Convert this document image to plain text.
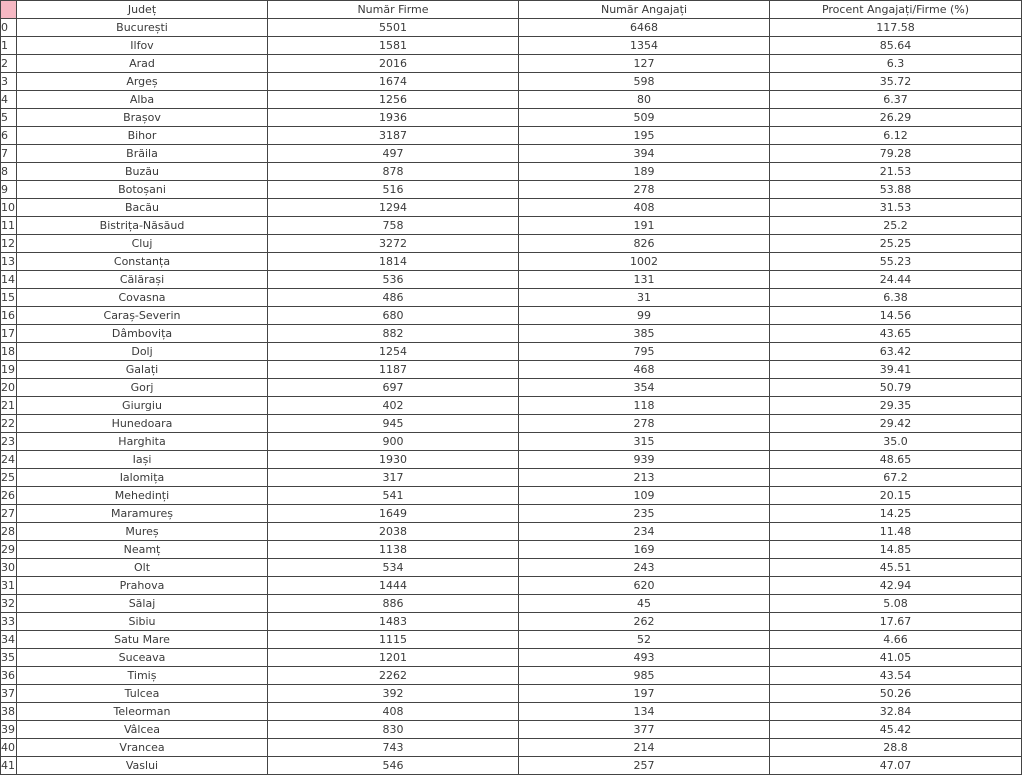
	Județ	Număr Firme	Număr Angajați	Procent Angajați/Firme (%)
0	București	5501	6468	117.58
1	Ilfov	1581	1354	85.64
2	Arad	2016	127	6.3
3	Argeș	1674	598	35.72
4	Alba	1256	80	6.37
5	Brașov	1936	509	26.29
6	Bihor	3187	195	6.12
7	Brăila	497	394	79.28
8	Buzău	878	189	21.53
9	Botoșani	516	278	53.88
10	Bacău	1294	408	31.53
11	Bistrița-Năsăud	758	191	25.2
12	Cluj	3272	826	25.25
13	Constanța	1814	1002	55.23
14	Călărași	536	131	24.44
15	Covasna	486	31	6.38
16	Caraș-Severin	680	99	14.56
17	Dâmbovița	882	385	43.65
18	Dolj	1254	795	63.42
19	Galați	1187	468	39.41
20	Gorj	697	354	50.79
21	Giurgiu	402	118	29.35
22	Hunedoara	945	278	29.42
23	Harghita	900	315	35.0
24	Iași	1930	939	48.65
25	Ialomița	317	213	67.2
26	Mehedinți	541	109	20.15
27	Maramureș	1649	235	14.25
28	Mureș	2038	234	11.48
29	Neamț	1138	169	14.85
30	Olt	534	243	45.51
31	Prahova	1444	620	42.94
32	Sălaj	886	45	5.08
33	Sibiu	1483	262	17.67
34	Satu Mare	1115	52	4.66
35	Suceava	1201	493	41.05
36	Timiș	2262	985	43.54
37	Tulcea	392	197	50.26
38	Teleorman	408	134	32.84
39	Vâlcea	830	377	45.42
40	Vrancea	743	214	28.8
41	Vaslui	546	257	47.07
